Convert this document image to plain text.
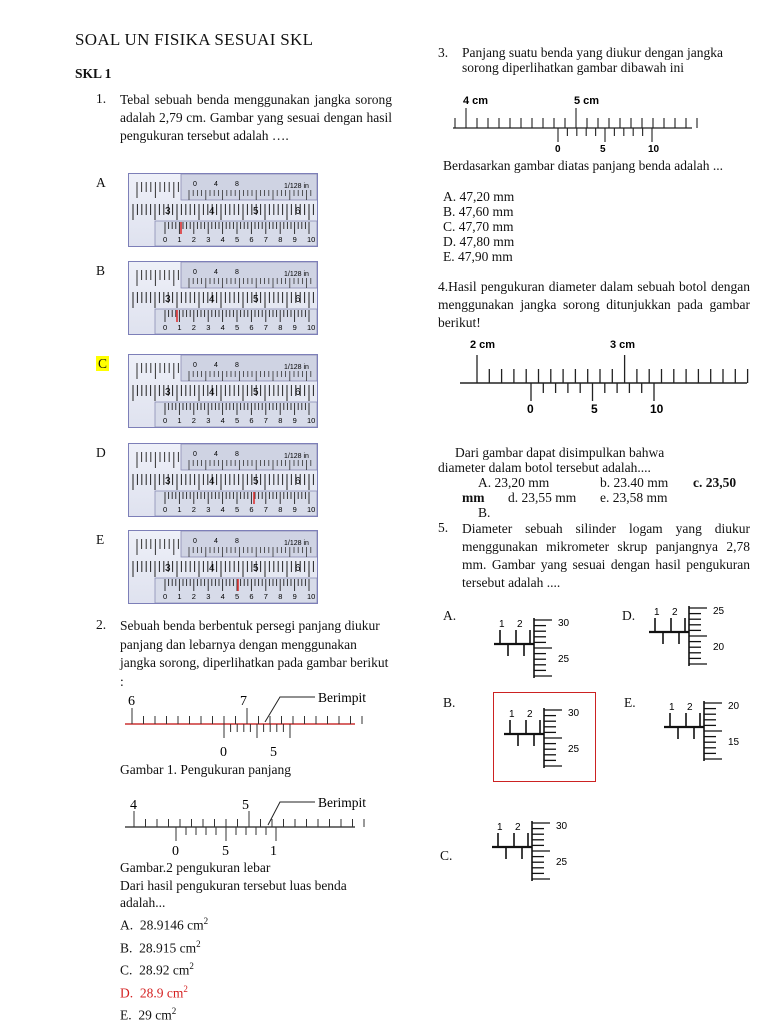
SOAL UN FISIKA SESUAI SKL
SKL 1
1. Tebal sebuah benda menggunakan jangka sorong adalah 2,79 cm. Gambar yang sesuai dengan hasil pengukuran tersebut adalah ….
A	0 4 8	1/128 in
3	4	5	6
0 1 2 3 4 5 6 7 8 9 10
B	0 4 8	1/128 in
3	4	5	6
0 1 2 3 4 5 6 7 8 9 10
C	0 4 8	1/128 in
3	4	5	6
0 1 2 3 4 5 6 7 8 9 10
D	0 4 8	1/128 in
3	4	5	6
0 1 2 3 4 5 6 7 8 9 10
E	0 4 8	1/128 in
3	4	5	6
0 1 2 3 4 5 6 7 8 9 10
2. Sebuah benda berbentuk persegi panjang diukur panjang dan lebarnya dengan menggunakan jangka sorong, diperlihatkan pada gambar berikut :
6	7
0	5
Berimpit
Gambar 1. Pengukuran panjang
4	5
0	5	1
Berimpit
Gambar.2 pengukuran lebar
Dari hasil pengukuran tersebut luas benda adalah...
A. 28.9146 $cm^2$
B. 28.915 $cm^2$
C. 28.92 $cm^2$
D. 28.9 $cm^2$
E. 29 $cm^2$
3. Panjang suatu benda yang diukur dengan jangka sorong diperlihatkan gambar dibawah ini
4 cm	5 cm
0	5	10
Berdasarkan gambar diatas panjang benda adalah ...
A. 47,20 mm
B. 47,60 mm
C. 47,70 mm
D. 47,80 mm
E. 47,90 mm
4.Hasil pengukuran diameter dalam sebuah botol dengan menggunakan jangka sorong ditunjukkan pada gambar berikut!
2 cm	3 cm
0	5	10
Dari gambar dapat disimpulkan bahwa
diameter dalam botol tersebut adalah....
A. 23,20 mm	b. 23.40 mm c. 23,50
mm d. 23,55 mm e. 23,58 mm
B.
5. Diameter sebuah silinder logam yang diukur menggunakan mikrometer skrup panjangnya 2,78 mm. Gambar yang sesuai dengan hasil pengukuran tersebut adalah ....
A.
1 2	30
25
D. 1 2	25
20
B.
1 2	30
25
E.	1 2	20
15
C.
1 2	30
25
